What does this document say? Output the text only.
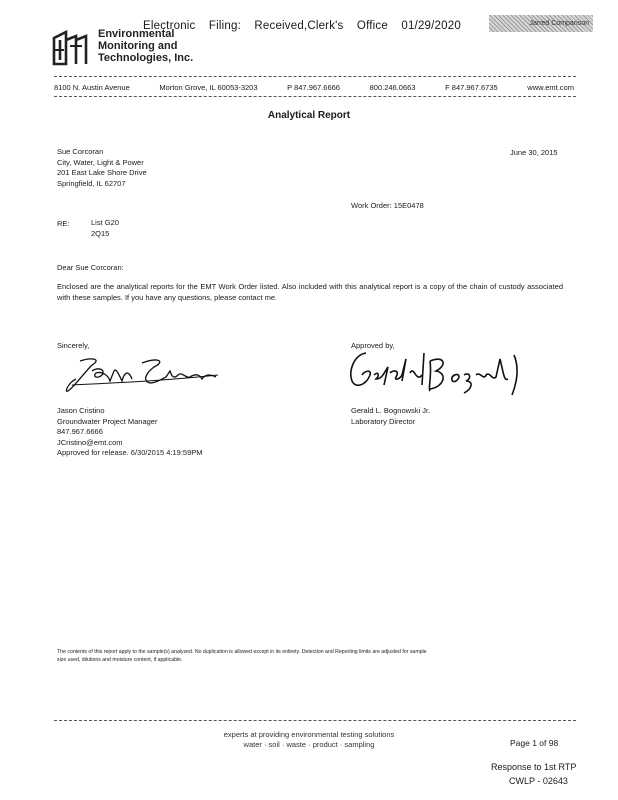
Electronic Filing: Received,Clerk's Office 01/29/2020	Jarred Comparison
Environmental
Monitoring and
Technologies, Inc.
8100 N. Austin Avenue	Morton Grove, IL 60053-3203	P 847.967.6666	800.246.0663	F 847.967.6735	www.emt.com
Analytical Report
Sue Corcoran
City, Water, Light & Power
201 East Lake Shore Drive
Springfield, IL 62707
June 30, 2015
Work Order: 15E0478
RE:	List G20
2Q15
Dear Sue Corcoran:
Enclosed are the analytical reports for the EMT Work Order listed. Also included with this analytical report is a copy of the chain of custody associated with these samples. If you have any questions, please contact me.
Sincerely,	Approved by,
Jason Cristino
Groundwater Project Manager
847.967.6666
JCristino@emt.com
Approved for release. 6/30/2015 4:19:59PM
Gerald L. Bognowski Jr.
Laboratory Director
The contents of this report apply to the sample(s) analyzed. No duplication is allowed except in its entirety. Detection and Reporting limits are adjusted for sample size used, dilutions and moisture content, if applicable.
experts at providing environmental testing solutions
water · soil · waste · product · sampling	Page 1 of 98
Response to 1st RTP
CWLP - 02643
